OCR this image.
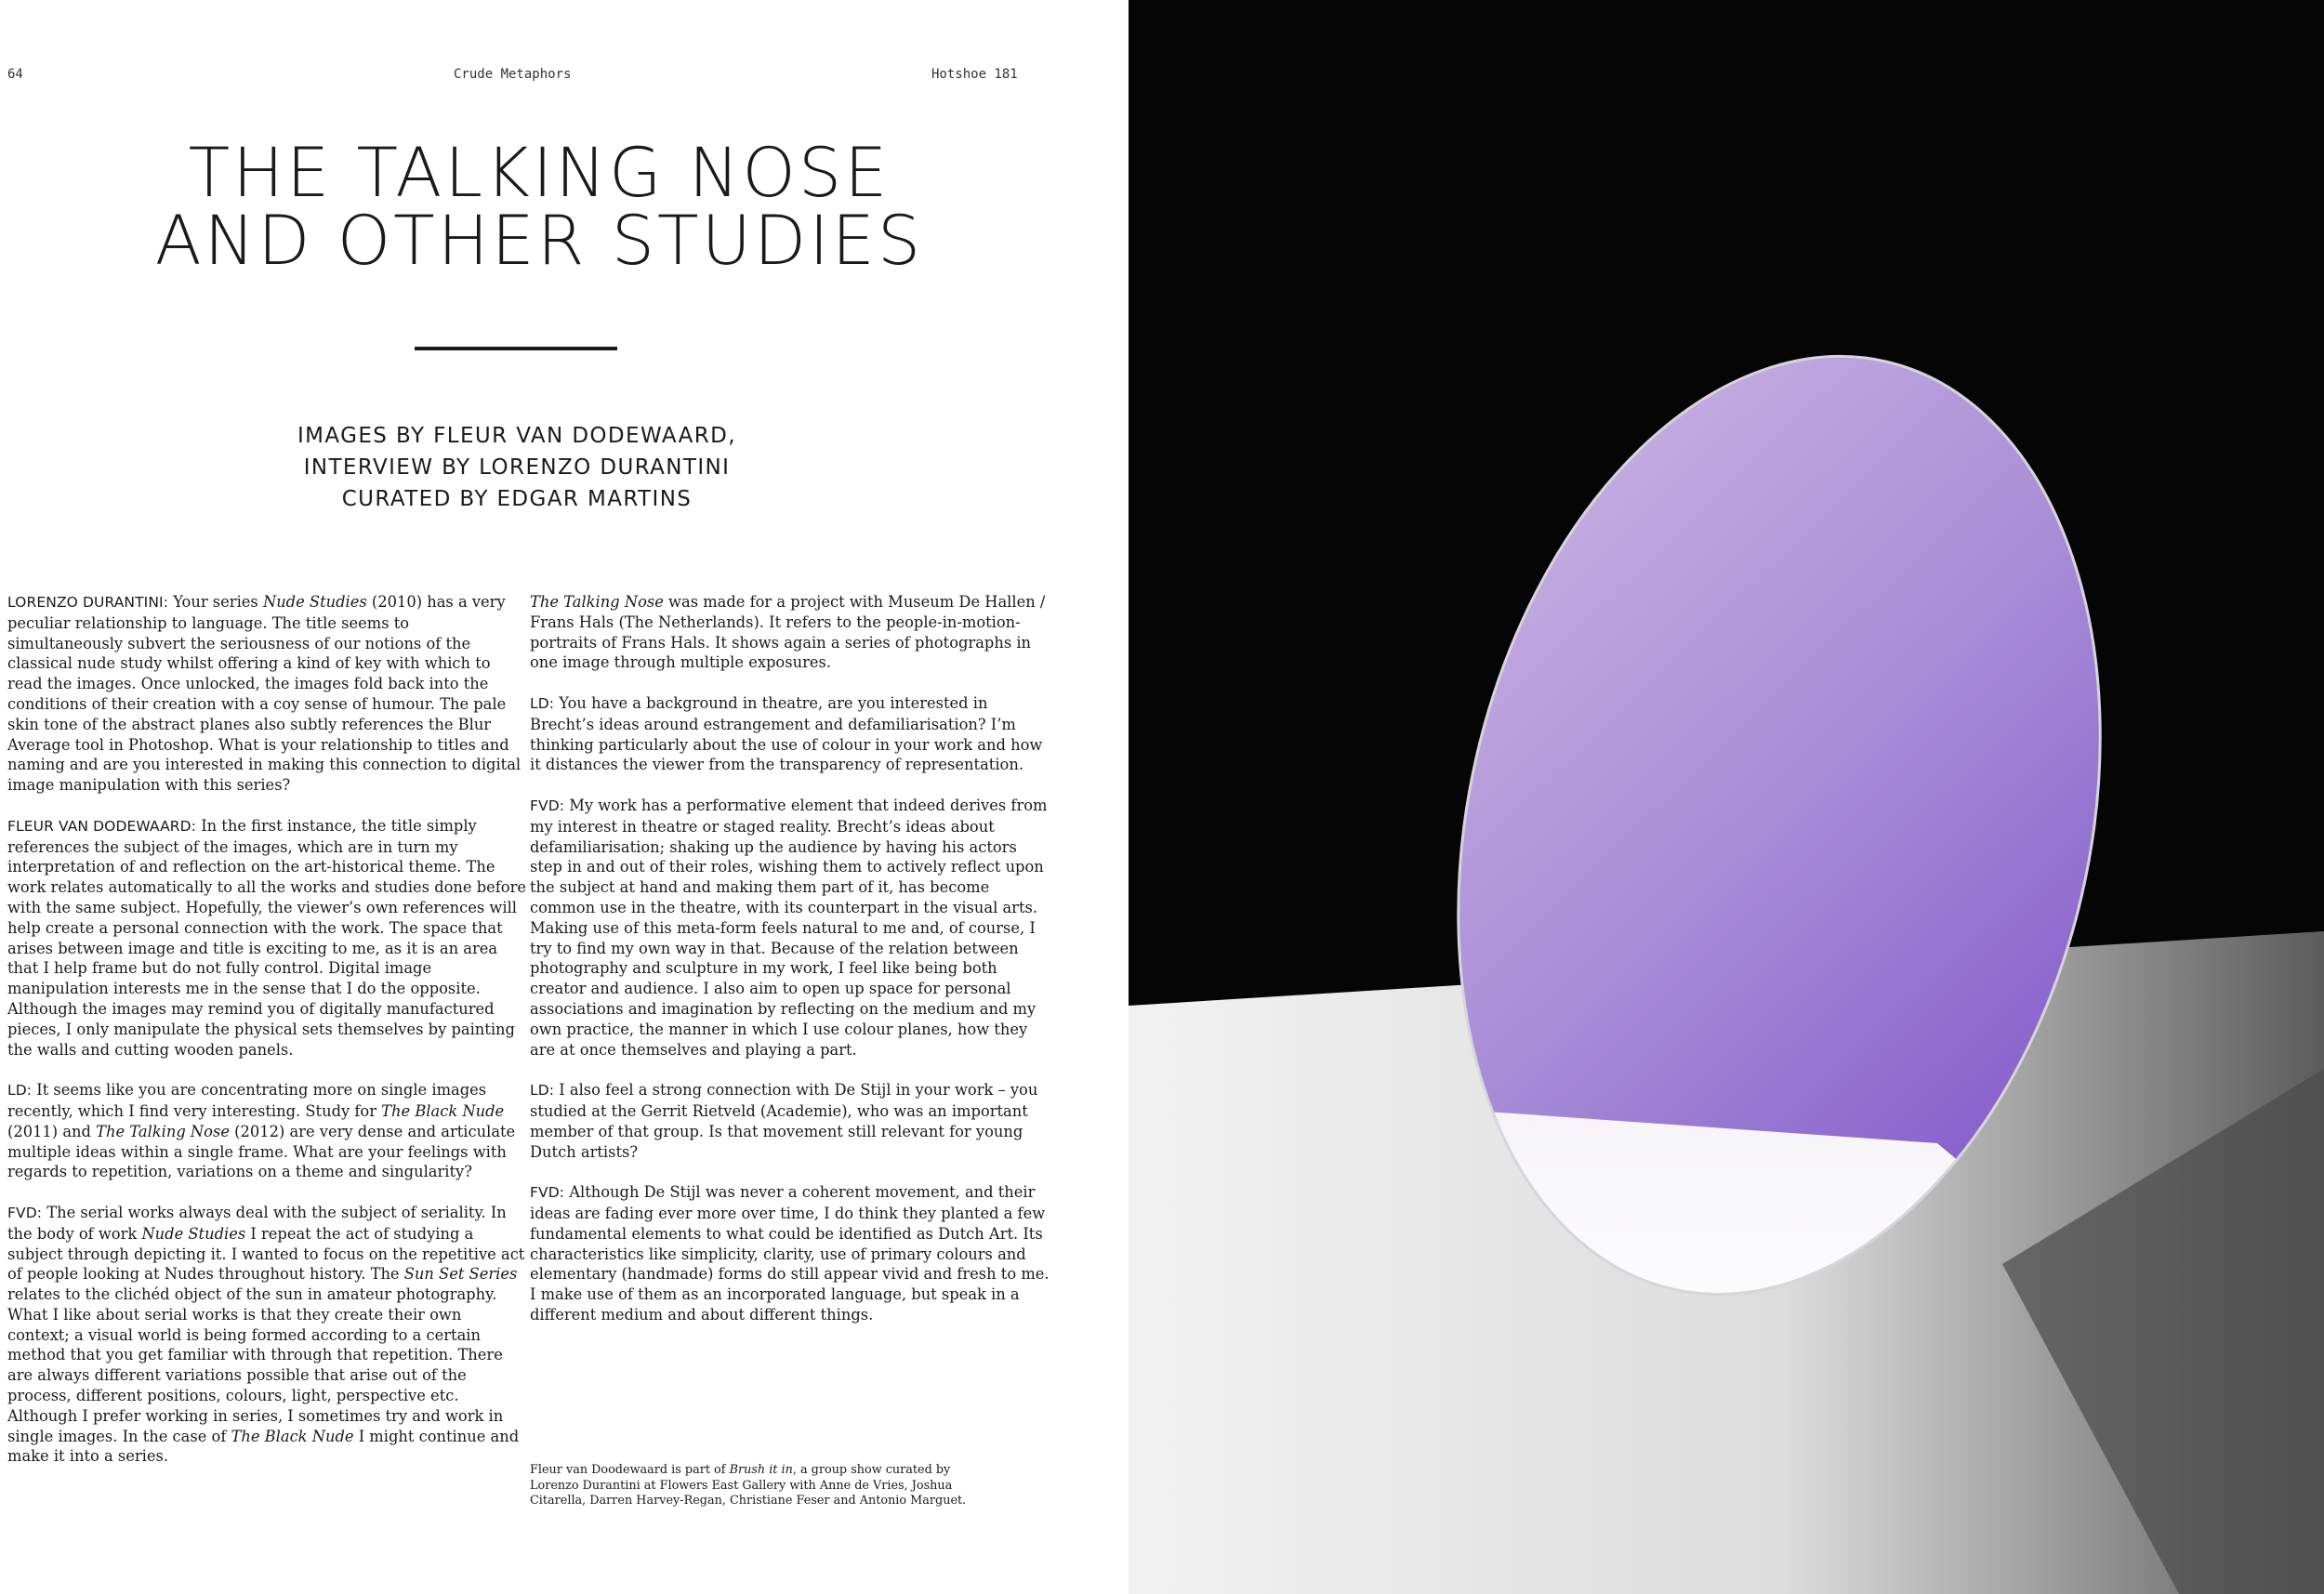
64	Crude Metaphors	Hotshoe 181
THE TALKING NOSE
AND OTHER STUDIES
IMAGES BY FLEUR VAN DODEWAARD,
INTERVIEW BY LORENZO DURANTINI
CURATED BY EDGAR MARTINS

LORENZO DURANTINI: Your series Nude Studies (2010) has a very peculiar relationship to language. The title seems to simultaneously subvert the seriousness of our notions of the classical nude study whilst offering a kind of key with which to read the images. Once unlocked, the images fold back into the conditions of their creation with a coy sense of humour. The pale skin tone of the abstract planes also subtly references the Blur Average tool in Photoshop. What is your relationship to titles and naming and are you interested in making this connection to digital image manipulation with this series?

FLEUR VAN DODEWAARD: In the first instance, the title simply references the subject of the images, which are in turn my interpretation of and reflection on the art-historical theme. The work relates automatically to all the works and studies done before with the same subject. Hopefully, the viewer’s own references will help create a personal connection with the work. The space that arises between image and title is exciting to me, as it is an area that I help frame but do not fully control. Digital image manipulation interests me in the sense that I do the opposite. Although the images may remind you of digitally manufactured pieces, I only manipulate the physical sets themselves by painting the walls and cutting wooden panels.

LD: It seems like you are concentrating more on single images recently, which I find very interesting. Study for The Black Nude (2011) and The Talking Nose (2012) are very dense and articulate multiple ideas within a single frame. What are your feelings with regards to repetition, variations on a theme and singularity?

FVD: The serial works always deal with the subject of seriality. In the body of work Nude Studies I repeat the act of studying a subject through depicting it. I wanted to focus on the repetitive act of people looking at Nudes throughout history. The Sun Set Series relates to the clichéd object of the sun in amateur photography. What I like about serial works is that they create their own context; a visual world is being formed according to a certain method that you get familiar with through that repetition. There are always different variations possible that arise out of the process, different positions, colours, light, perspective etc. Although I prefer working in series, I sometimes try and work in single images. In the case of The Black Nude I might continue and make it into a series.

The Talking Nose was made for a project with Museum De Hallen / Frans Hals (The Netherlands). It refers to the people-in-motion-portraits of Frans Hals. It shows again a series of photographs in one image through multiple exposures.

LD: You have a background in theatre, are you interested in Brecht’s ideas around estrangement and defamiliarisation? I’m thinking particularly about the use of colour in your work and how it distances the viewer from the transparency of representation.

FVD: My work has a performative element that indeed derives from my interest in theatre or staged reality. Brecht’s ideas about defamiliarisation; shaking up the audience by having his actors step in and out of their roles, wishing them to actively reflect upon the subject at hand and making them part of it, has become common use in the theatre, with its counterpart in the visual arts. Making use of this meta-form feels natural to me and, of course, I try to find my own way in that. Because of the relation between photography and sculpture in my work, I feel like being both creator and audience. I also aim to open up space for personal associations and imagination by reflecting on the medium and my own practice, the manner in which I use colour planes, how they are at once themselves and playing a part.

LD: I also feel a strong connection with De Stijl in your work – you studied at the Gerrit Rietveld (Academie), who was an important member of that group. Is that movement still relevant for young Dutch artists?

FVD: Although De Stijl was never a coherent movement, and their ideas are fading ever more over time, I do think they planted a few fundamental elements to what could be identified as Dutch Art. Its characteristics like simplicity, clarity, use of primary colours and elementary (handmade) forms do still appear vivid and fresh to me. I make use of them as an incorporated language, but speak in a different medium and about different things.

Fleur van Doodewaard is part of Brush it in, a group show curated by Lorenzo Durantini at Flowers East Gallery with Anne de Vries, Joshua Citarella, Darren Harvey-Regan, Christiane Feser and Antonio Marguet.
